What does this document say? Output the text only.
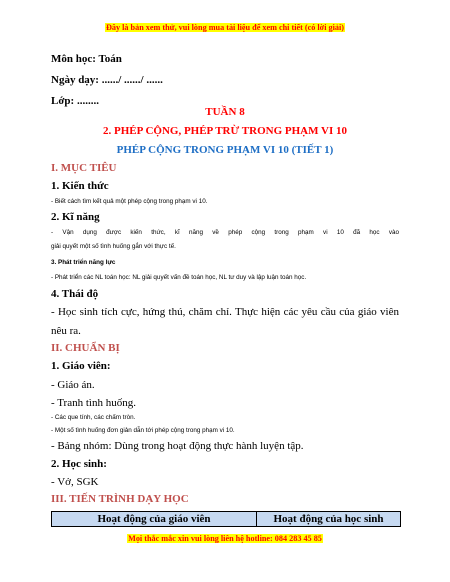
Đây là bản xem thử, vui lòng mua tài liệu để xem chi tiết (có lời giải)
Môn học: Toán
Ngày dạy: ....../ ....../ ......
Lớp: ........
TUẦN 8
2. PHÉP CỘNG, PHÉP TRỪ TRONG PHẠM VI 10
PHÉP CỘNG TRONG PHẠM VI 10 (TIẾT 1)
I. MỤC TIÊU
1. Kiến thức
- Biết cách tìm kết quả một phép cộng trong phạm vi 10.
2. Kĩ năng
- Vận dụng được kiến thức, kĩ năng về phép cộng trong phạm vi 10 đã học vào
giải quyết một số tình huống gắn với thực tế.
3. Phát triển năng lực
- Phát triển các NL toán học: NL giải quyết vấn đề toán học, NL tư duy và lập luận toán học.
4. Thái độ
- Học sinh tích cực, hứng thú, chăm chỉ. Thực hiện các yêu cầu của giáo viên
nêu ra.
II. CHUẨN BỊ
1. Giáo viên:
- Giáo án.
- Tranh tình huống.
- Các que tính, các chấm tròn.
- Một số tình huống đơn giản dẫn tới phép cộng trong phạm vi 10.
- Bảng nhóm: Dùng trong hoạt động thực hành luyện tập.
2. Học sinh:
- Vở, SGK
III. TIẾN TRÌNH DẠY HỌC
Hoạt động của giáo viên	Hoạt động của học sinh
Mọi thắc mắc xin vui lòng liên hệ hotline: 084 283 45 85
